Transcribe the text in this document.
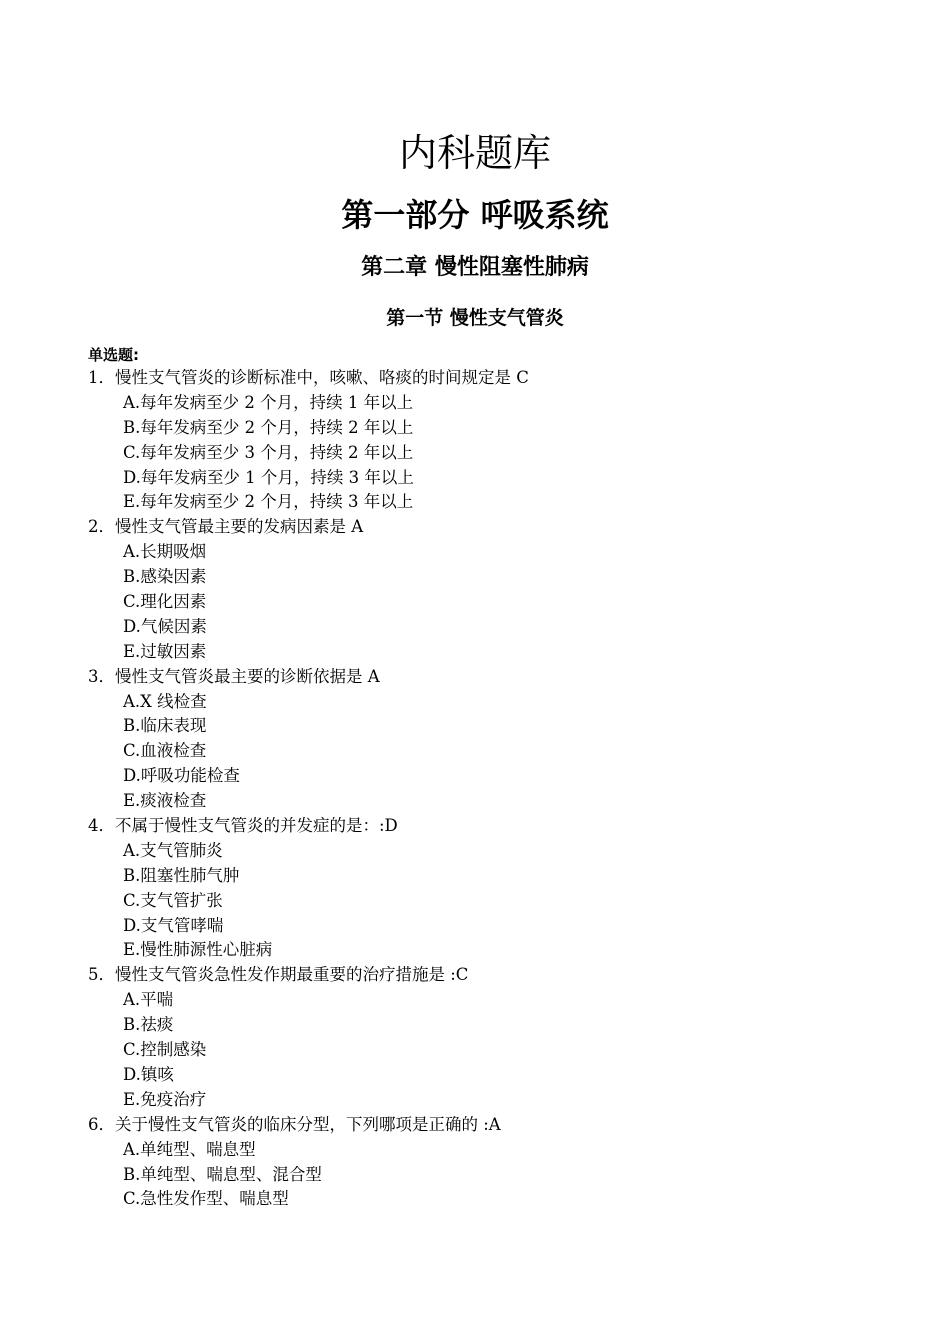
内科题库
第一部分 呼吸系统
第二章 慢性阻塞性肺病
第一节 慢性支气管炎
单选题:
1．慢性支气管炎的诊断标准中，咳嗽、咯痰的时间规定是 C
A.每年发病至少 2 个月，持续 1 年以上
B.每年发病至少 2 个月，持续 2 年以上
C.每年发病至少 3 个月，持续 2 年以上
D.每年发病至少 1 个月，持续 3 年以上
E.每年发病至少 2 个月，持续 3 年以上
2．慢性支气管最主要的发病因素是 A
A.长期吸烟
B.感染因素
C.理化因素
D.气候因素
E.过敏因素
3．慢性支气管炎最主要的诊断依据是 A
A.X 线检查
B.临床表现
C.血液检查
D.呼吸功能检查
E.痰液检查
4．不属于慢性支气管炎的并发症的是：:D
A.支气管肺炎
B.阻塞性肺气肿
C.支气管扩张
D.支气管哮喘
E.慢性肺源性心脏病
5．慢性支气管炎急性发作期最重要的治疗措施是 :C
A.平喘
B.祛痰
C.控制感染
D.镇咳
E.免疫治疗
6．关于慢性支气管炎的临床分型，下列哪项是正确的 :A
A.单纯型、喘息型
B.单纯型、喘息型、混合型
C.急性发作型、喘息型
